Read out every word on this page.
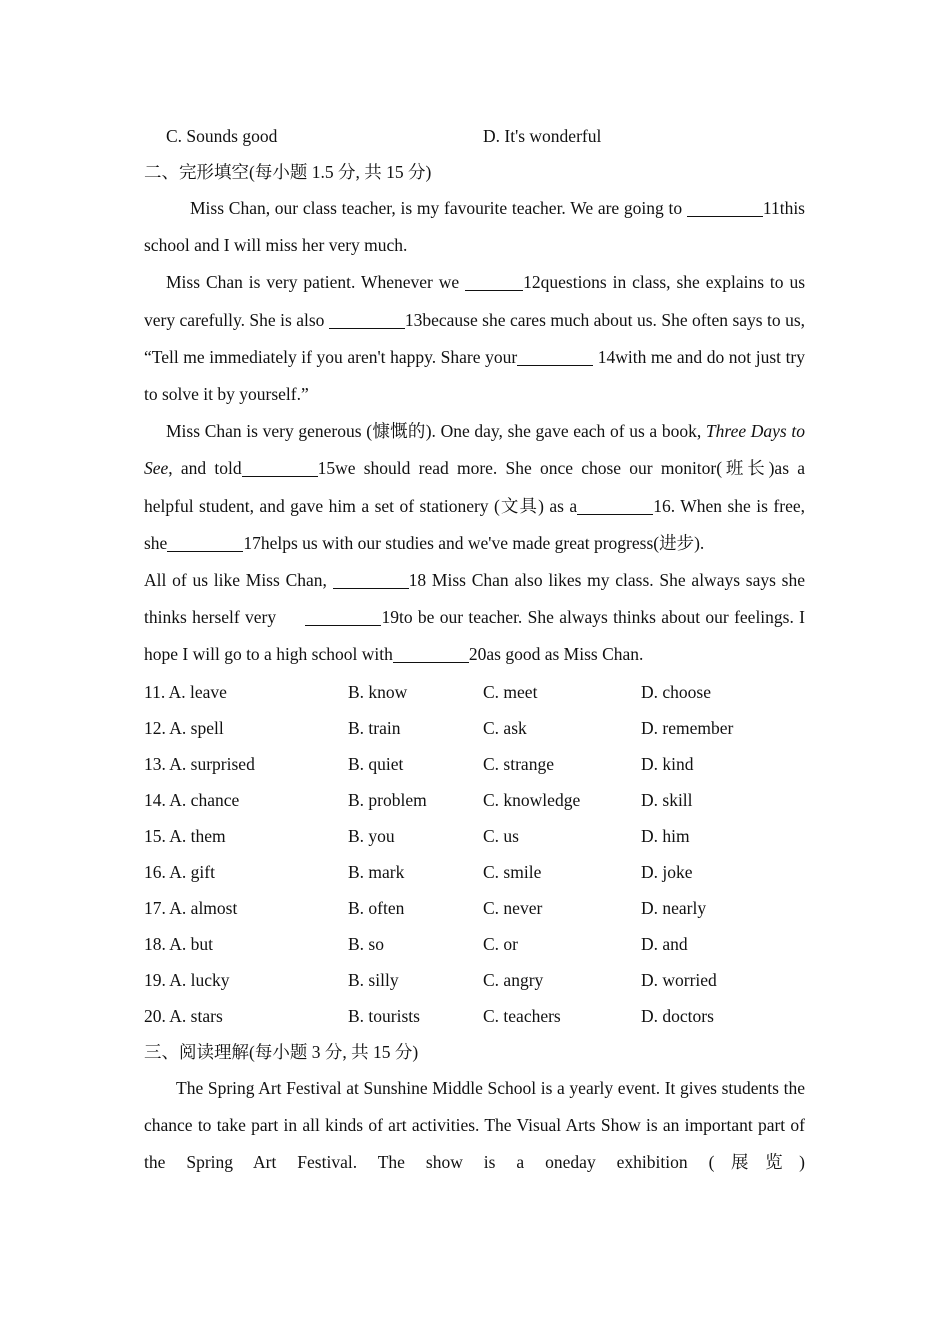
C. Sounds good	D. It's wonderful
二、完形填空(每小题 1.5 分, 共 15 分)

Miss Chan, our class teacher, is my favourite teacher. We are going to	11this school and I will miss her very much.

Miss Chan is very patient. Whenever we	12questions in class, she explains to us very carefully. She is also	13because she cares much about us. She often says to us, “Tell me immediately if you aren't happy. Share your	14with me and do not just try to solve it by yourself.”

Miss Chan is very generous (慷慨的). One day, she gave each of us a book, Three Days to See, and told	15we should read more. She once chose our monitor(班长)as a helpful student, and gave him a set of stationery (文具) as a	16. When she is free, she	17helps us with our studies and we've made great progress(进步).

All of us like Miss Chan,	18 Miss Chan also likes my class. She always says she thinks herself very	19to be our teacher. She always thinks about our feelings. I hope I will go to a high school with	20as good as Miss Chan.

11. A. leave	B. know	C. meet	D. choose
12. A. spell	B. train	C. ask	D. remember
13. A. surprised	B. quiet	C. strange	D. kind
14. A. chance	B. problem	C. knowledge	D. skill
15. A. them	B. you	C. us	D. him
16. A. gift	B. mark	C. smile	D. joke
17. A. almost	B. often	C. never	D. nearly
18. A. but	B. so	C. or	D. and
19. A. lucky	B. silly	C. angry	D. worried
20. A. stars	B. tourists	C. teachers	D. doctors
三、阅读理解(每小题 3 分, 共 15 分)

The Spring Art Festival at Sunshine Middle School is a yearly event. It gives students the chance to take part in all kinds of art activities. The Visual Arts Show is an important part of the Spring Art Festival. The show is a oneday exhibition (展览)
